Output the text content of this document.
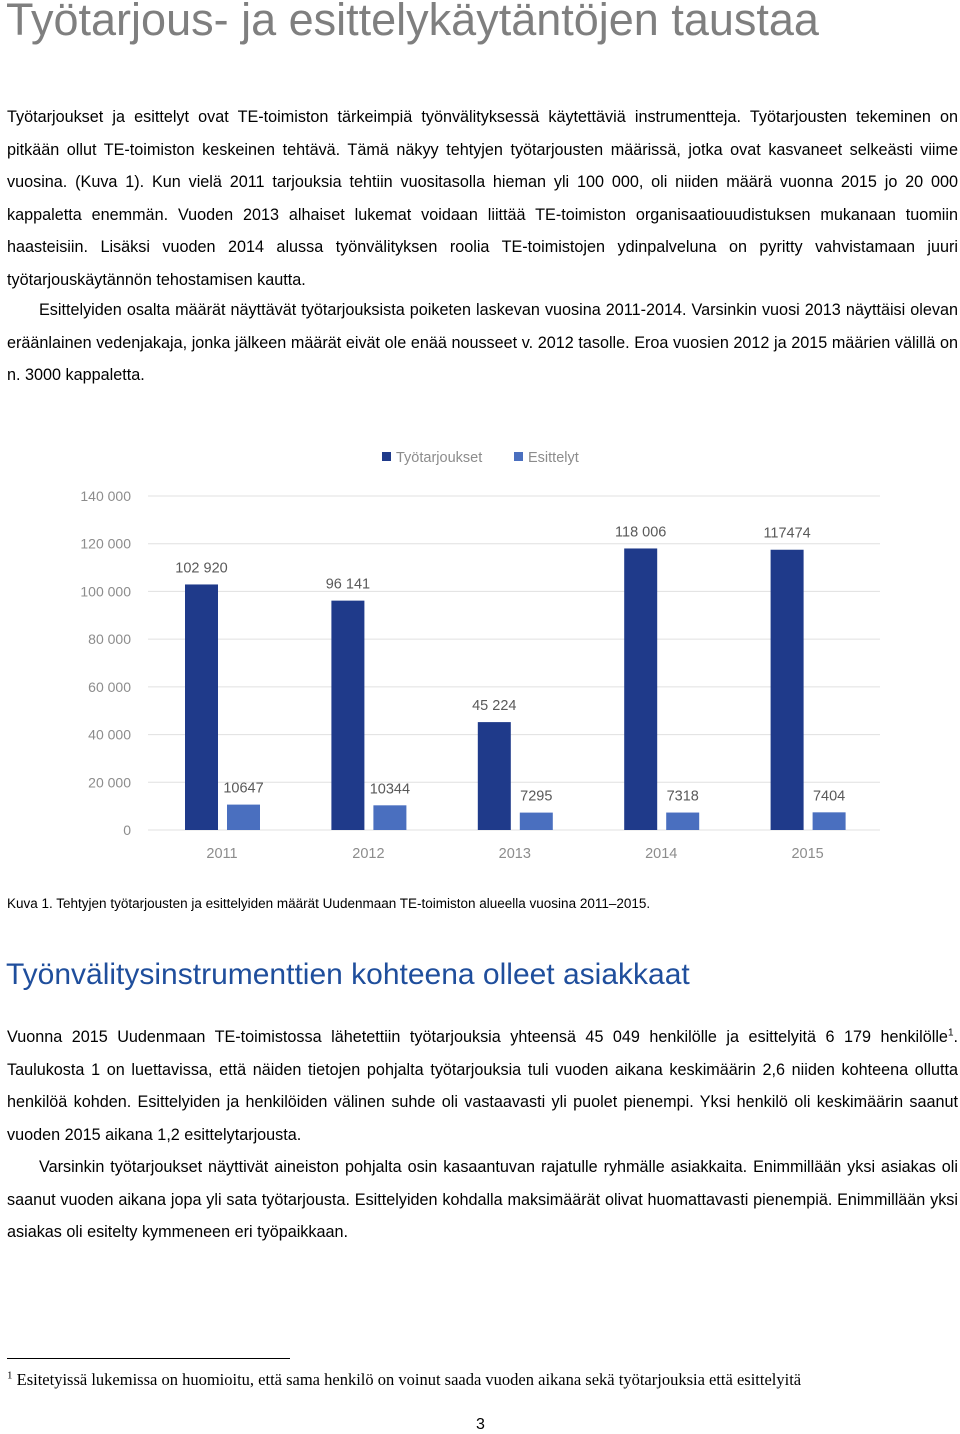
Työtarjous- ja esittelykäytäntöjen taustaa

Työtarjoukset ja esittelyt ovat TE-toimiston tärkeimpiä työnvälityksessä käytettäviä instrumentteja. Työtarjousten tekeminen on pitkään ollut TE-toimiston keskeinen tehtävä. Tämä näkyy tehtyjen työtarjousten määrissä, jotka ovat kasvaneet selkeästi viime vuosina. (Kuva 1). Kun vielä 2011 tarjouksia tehtiin vuositasolla hieman yli 100 000, oli niiden määrä vuonna 2015 jo 20 000 kappaletta enemmän. Vuoden 2013 alhaiset lukemat voidaan liittää TE-toimiston organisaatiouudistuksen mukanaan tuomiin haasteisiin. Lisäksi vuoden 2014 alussa työnvälityksen roolia TE-toimistojen ydinpalveluna on pyritty vahvistamaan juuri työtarjouskäytännön tehostamisen kautta.

Esittelyiden osalta määrät näyttävät työtarjouksista poiketen laskevan vuosina 2011-2014. Varsinkin vuosi 2013 näyttäisi olevan eräänlainen vedenjakaja, jonka jälkeen määrät eivät ole enää nousseet v. 2012 tasolle. Eroa vuosien 2012 ja 2015 määrien välillä on n. 3000 kappaletta.

Työtarjoukset	Esittelyt
0
20 000
40 000
60 000
80 000
100 000
120 000
140 000
102 920
10647
96 141
10344
45 224
7295
118 006
7318
117474
7404
2011	2012	2013	2014	2015

Kuva 1. Tehtyjen työtarjousten ja esittelyiden määrät Uudenmaan TE-toimiston alueella vuosina 2011–2015.

Työnvälitysinstrumenttien kohteena olleet asiakkaat

Vuonna 2015 Uudenmaan TE-toimistossa lähetettiin työtarjouksia yhteensä 45 049 henkilölle ja esittelyitä 6 179 henkilölle$^1$. Taulukosta 1 on luettavissa, että näiden tietojen pohjalta työtarjouksia tuli vuoden aikana keskimäärin 2,6 niiden kohteena ollutta henkilöä kohden. Esittelyiden ja henkilöiden välinen suhde oli vastaavasti yli puolet pienempi. Yksi henkilö oli keskimäärin saanut vuoden 2015 aikana 1,2 esittelytarjousta.

Varsinkin työtarjoukset näyttivät aineiston pohjalta osin kasaantuvan rajatulle ryhmälle asiakkaita. Enimmillään yksi asiakas oli saanut vuoden aikana jopa yli sata työtarjousta. Esittelyiden kohdalla maksimäärät olivat huomattavasti pienempiä. Enimmillään yksi asiakas oli esitelty kymmeneen eri työpaikkaan.

$^1$ Esitetyissä lukemissa on huomioitu, että sama henkilö on voinut saada vuoden aikana sekä työtarjouksia että esittelyitä

3
